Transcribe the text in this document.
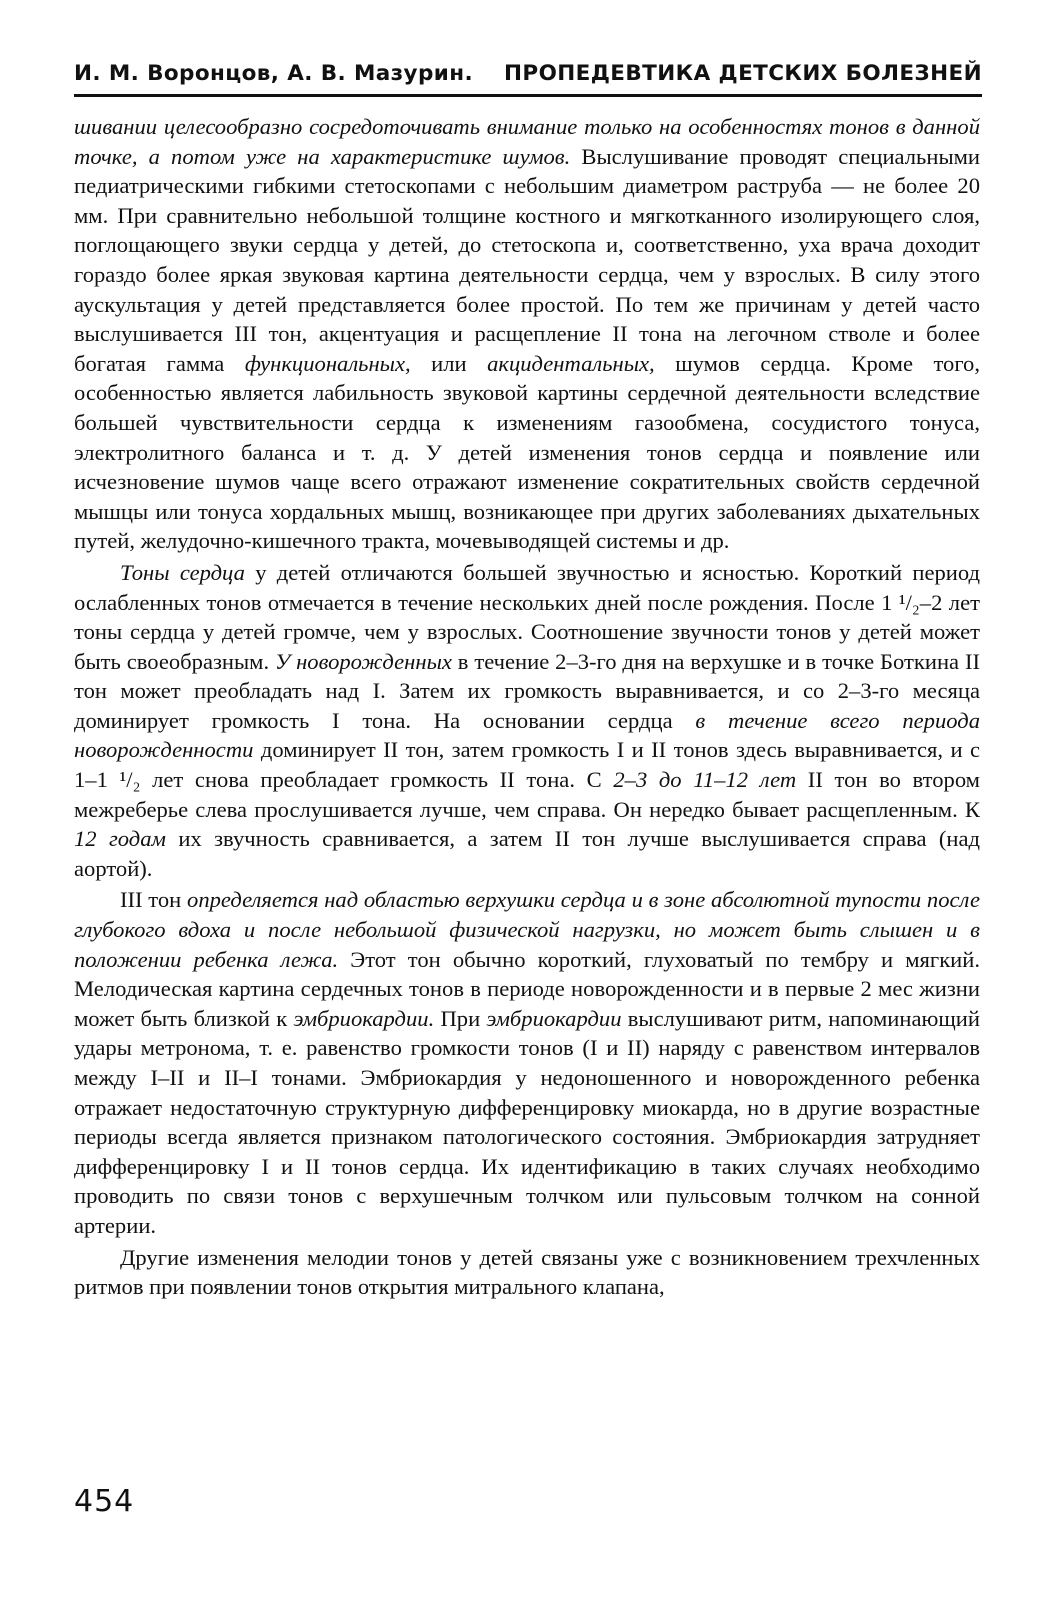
И. М. Воронцов, А. В. Мазурин. ПРОПЕДЕВТИКА ДЕТСКИХ БОЛЕЗНЕЙ

шивании целесообразно сосредоточивать внимание только на особенностях тонов в данной точке, а потом уже на характеристике шумов. Выслушивание проводят специальными педиатрическими гибкими стетоскопами с небольшим диаметром раструба — не более 20 мм. При сравнительно небольшой толщине костного и мягкотканного изолирующего слоя, поглощающего звуки сердца у детей, до стетоскопа и, соответственно, уха врача доходит гораздо более яркая звуковая картина деятельности сердца, чем у взрослых. В силу этого аускультация у детей представляется более простой. По тем же причинам у детей часто выслушивается III тон, акцентуация и расщепление II тона на легочном стволе и более богатая гамма функциональных, или акцидентальных, шумов сердца. Кроме того, особенностью является лабильность звуковой картины сердечной деятельности вследствие большей чувствительности сердца к изменениям газообмена, сосудистого тонуса, электролитного баланса и т. д. У детей изменения тонов сердца и появление или исчезновение шумов чаще всего отражают изменение сократительных свойств сердечной мышцы или тонуса хордальных мышц, возникающее при других заболеваниях дыхательных путей, желудочно-кишечного тракта, мочевыводящей системы и др.

Тоны сердца у детей отличаются большей звучностью и ясностью. Короткий период ослабленных тонов отмечается в течение нескольких дней после рождения. После 1 ¹/₂–2 лет тоны сердца у детей громче, чем у взрослых. Соотношение звучности тонов у детей может быть своеобразным. У новорожденных в течение 2–3-го дня на верхушке и в точке Боткина II тон может преобладать над I. Затем их громкость выравнивается, и со 2–3-го месяца доминирует громкость I тона. На основании сердца в течение всего периода новорожденности доминирует II тон, затем громкость I и II тонов здесь выравнивается, и с 1–1 ¹/₂ лет снова преобладает громкость II тона. С 2–3 до 11–12 лет II тон во втором межреберье слева прослушивается лучше, чем справа. Он нередко бывает расщепленным. К 12 годам их звучность сравнивается, а затем II тон лучше выслушивается справа (над аортой).

III тон определяется над областью верхушки сердца и в зоне абсолютной тупости после глубокого вдоха и после небольшой физической нагрузки, но может быть слышен и в положении ребенка лежа. Этот тон обычно короткий, глуховатый по тембру и мягкий. Мелодическая картина сердечных тонов в периоде новорожденности и в первые 2 мес жизни может быть близкой к эмбриокардии. При эмбриокардии выслушивают ритм, напоминающий удары метронома, т. е. равенство громкости тонов (I и II) наряду с равенством интервалов между I–II и II–I тонами. Эмбриокардия у недоношенного и новорожденного ребенка отражает недостаточную структурную дифференцировку миокарда, но в другие возрастные периоды всегда является признаком патологического состояния. Эмбриокардия затрудняет дифференцировку I и II тонов сердца. Их идентификацию в таких случаях необходимо проводить по связи тонов с верхушечным толчком или пульсовым толчком на сонной артерии.

Другие изменения мелодии тонов у детей связаны уже с возникновением трехчленных ритмов при появлении тонов открытия митрального клапана,

454
